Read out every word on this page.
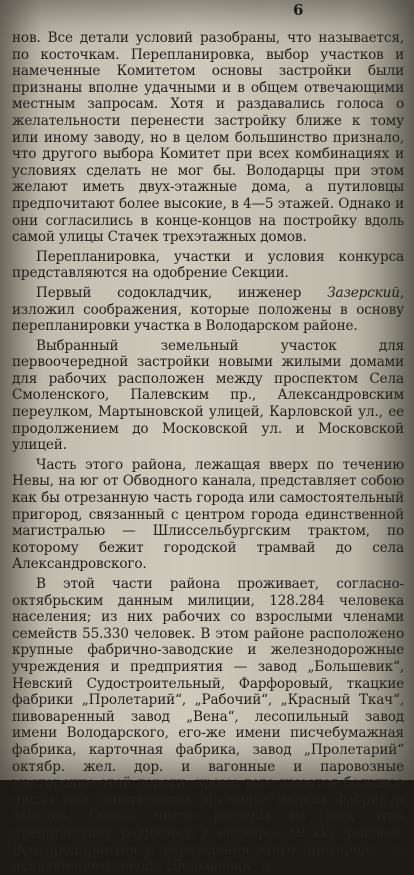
6

нов. Все детали условий разобраны, что называется, по косточкам. Перепланировка, выбор участков и намеченные Комитетом основы застройки были признаны вполне удачными и в общем отвечающими местным запросам. Хотя и раздавались голоса о желательности перенести застройку ближе к тому или иному заводу, но в целом большинство признало, что другого выбора Комитет при всех комбинациях и условиях сделать не мог бы. Володарцы при этом желают иметь двух-этажные дома, а путиловцы предпочитают более высокие, в 4—5 этажей. Однако и они согласились в конце-концов на постройку вдоль самой улицы Стачек трехэтажных домов.

Перепланировка, участки и условия конкурса представляются на одобрение Секции.

Первый содокладчик, инженер Зазерский, изложил соображения, которые положены в основу перепланировки участка в Володарском районе.

Выбранный земельный участок для первоочередной застройки новыми жилыми домами для рабочих расположен между проспектом Села Смоленского, Палевским пр., Александровским переулком, Мартыновской улицей, Карловской ул., ее продолжением до Московской ул. и Московской улицей.

Часть этого района, лежащая вверх по течению Невы, на юг от Обводного канала, представляет собою как бы отрезанную часть города или самостоятельный пригород, связанный с центром города единственной магистралью — Шлиссельбургским трактом, по которому бежит городской трамвай до села Александровского.

В этой части района проживает, согласно-октябрьским данным милиции, 128.284 человека населения; из них рабочих со взрослыми членами семейств 55.330 человек. В этом районе расположено крупные фабрично-заводские и железнодорожные учреждения и предприятия — завод „Большевик“, Невский Судостроительный, Фарфоровый, ткацкие фабрики „Пролетарий“, „Рабочий“, „Красный Ткач“, пивоваренный завод „Вена“, лесопильный завод имени Володарского, его-же имени писчебумажная фабрика, карточная фабрика, завод „Пролетарий“ октябр. жел. дор. и вагонные и паровозные мастерские этой дороги; кроме того имеется большое число уже действующих, но более мелких фабрик и заводов. Общее число рабочих на всех этих предприятиях равнялось в октябре—19.335 человек. Все предприятия и учреждения этого пригорода, за исключением завода „Большевик“ и
